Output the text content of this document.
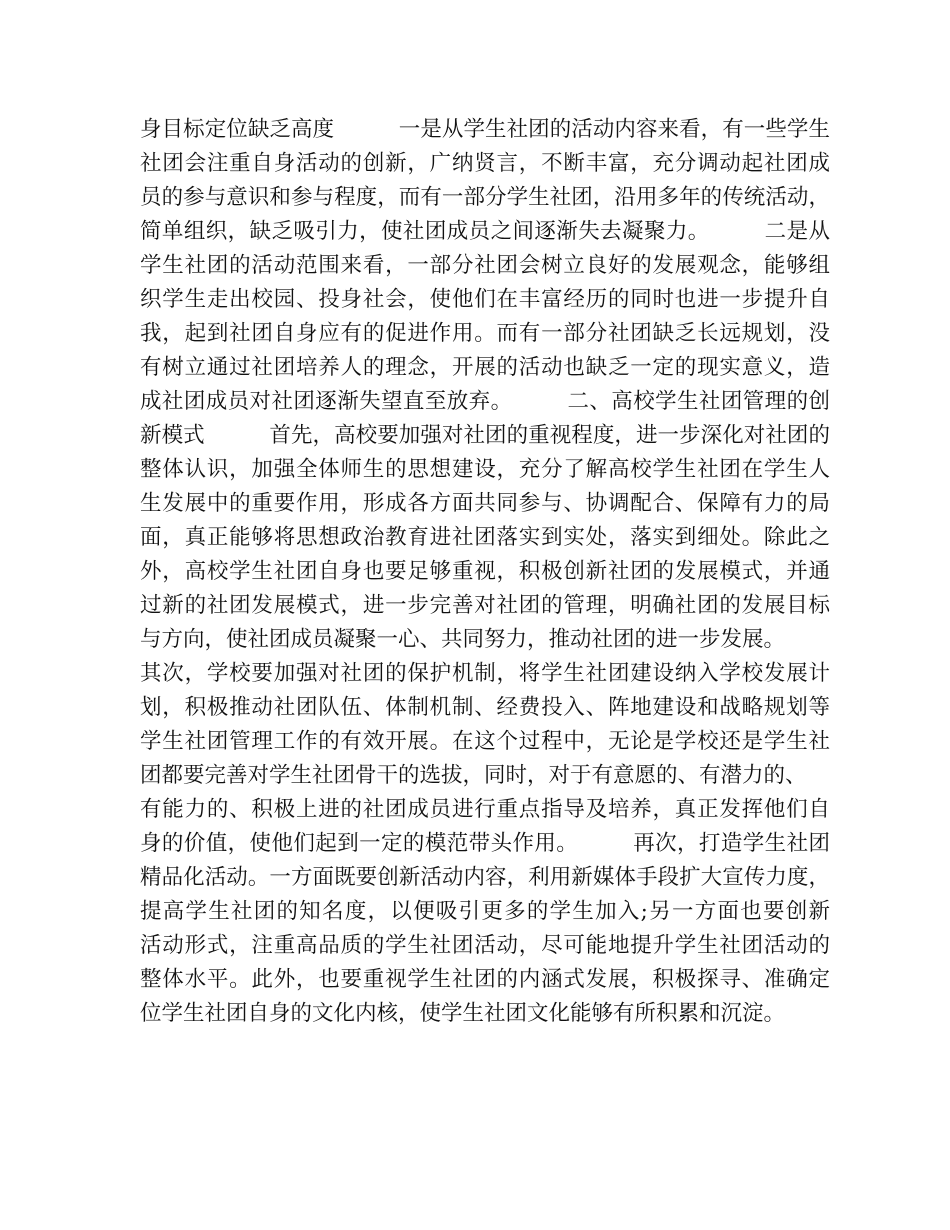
身目标定位缺乏高度　　　一是从学生社团的活动内容来看，有一些学生
社团会注重自身活动的创新，广纳贤言，不断丰富，充分调动起社团成
员的参与意识和参与程度，而有一部分学生社团，沿用多年的传统活动，
简单组织，缺乏吸引力，使社团成员之间逐渐失去凝聚力。　　　二是从
学生社团的活动范围来看，一部分社团会树立良好的发展观念，能够组
织学生走出校园、投身社会，使他们在丰富经历的同时也进一步提升自
我，起到社团自身应有的促进作用。而有一部分社团缺乏长远规划，没
有树立通过社团培养人的理念，开展的活动也缺乏一定的现实意义，造
成社团成员对社团逐渐失望直至放弃。　　　二、高校学生社团管理的创
新模式　　　首先，高校要加强对社团的重视程度，进一步深化对社团的
整体认识，加强全体师生的思想建设，充分了解高校学生社团在学生人
生发展中的重要作用，形成各方面共同参与、协调配合、保障有力的局
面，真正能够将思想政治教育进社团落实到实处，落实到细处。除此之
外，高校学生社团自身也要足够重视，积极创新社团的发展模式，并通
过新的社团发展模式，进一步完善对社团的管理，明确社团的发展目标
与方向，使社团成员凝聚一心、共同努力，推动社团的进一步发展。
其次，学校要加强对社团的保护机制，将学生社团建设纳入学校发展计
划，积极推动社团队伍、体制机制、经费投入、阵地建设和战略规划等
学生社团管理工作的有效开展。在这个过程中，无论是学校还是学生社
团都要完善对学生社团骨干的选拔，同时，对于有意愿的、有潜力的、
有能力的、积极上进的社团成员进行重点指导及培养，真正发挥他们自
身的价值，使他们起到一定的模范带头作用。　　　再次，打造学生社团
精品化活动。一方面既要创新活动内容，利用新媒体手段扩大宣传力度，
提高学生社团的知名度，以便吸引更多的学生加入;另一方面也要创新
活动形式，注重高品质的学生社团活动，尽可能地提升学生社团活动的
整体水平。此外，也要重视学生社团的内涵式发展，积极探寻、准确定
位学生社团自身的文化内核，使学生社团文化能够有所积累和沉淀。
